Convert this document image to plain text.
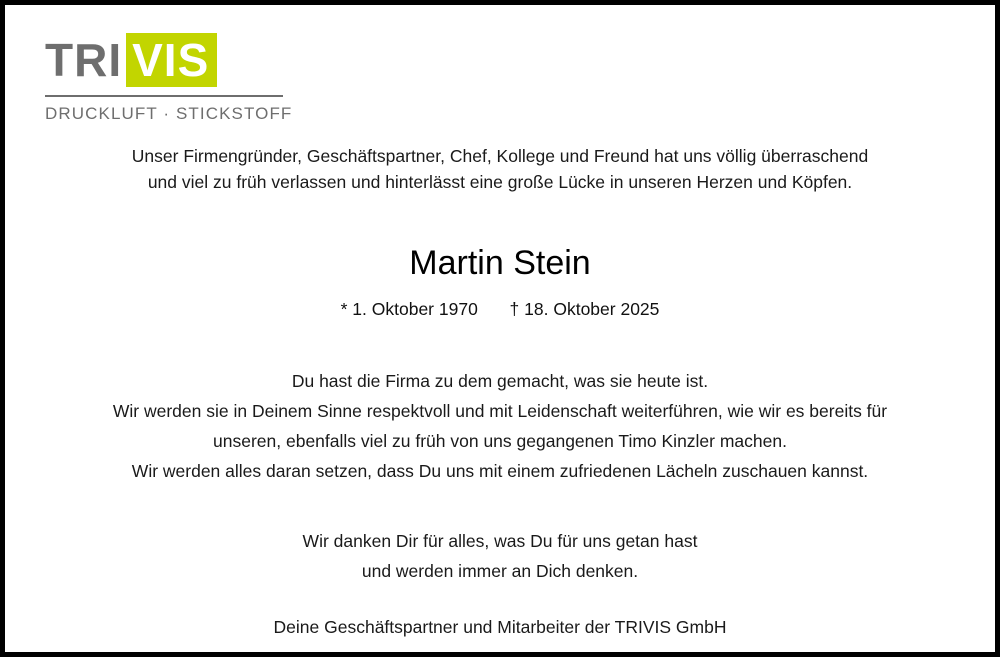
TRI VIS
DRUCKLUFT · STICKSTOFF
Unser Firmengründer, Geschäftspartner, Chef, Kollege und Freund hat uns völlig überraschend
und viel zu früh verlassen und hinterlässt eine große Lücke in unseren Herzen und Köpfen.
Martin Stein
* 1. Oktober 1970 † 18. Oktober 2025
Du hast die Firma zu dem gemacht, was sie heute ist.
Wir werden sie in Deinem Sinne respektvoll und mit Leidenschaft weiterführen, wie wir es bereits für
unseren, ebenfalls viel zu früh von uns gegangenen Timo Kinzler machen.
Wir werden alles daran setzen, dass Du uns mit einem zufriedenen Lächeln zuschauen kannst.
Wir danken Dir für alles, was Du für uns getan hast
und werden immer an Dich denken.
Deine Geschäftspartner und Mitarbeiter der TRIVIS GmbH
